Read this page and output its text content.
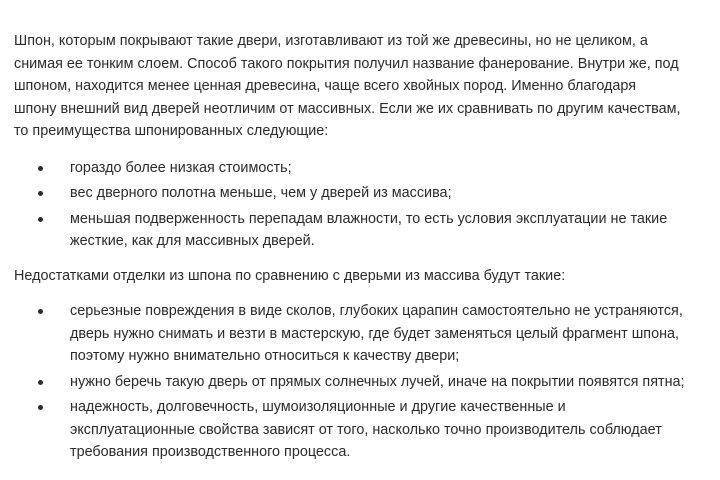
Шпон, которым покрывают такие двери, изготавливают из той же древесины, но не целиком, а
снимая ее тонким слоем. Способ такого покрытия получил название фанерование. Внутри же, под
шпоном, находится менее ценная древесина, чаще всего хвойных пород. Именно благодаря
шпону внешний вид дверей неотличим от массивных. Если же их сравнивать по другим качествам,
то преимущества шпонированных следующие:

гораздо более низкая стоимость;
вес дверного полотна меньше, чем у дверей из массива;
меньшая подверженность перепадам влажности, то есть условия эксплуатации не такие
жесткие, как для массивных дверей.

Недостатками отделки из шпона по сравнению с дверьми из массива будут такие:

серьезные повреждения в виде сколов, глубоких царапин самостоятельно не устраняются,
дверь нужно снимать и везти в мастерскую, где будет заменяться целый фрагмент шпона,
поэтому нужно внимательно относиться к качеству двери;
нужно беречь такую дверь от прямых солнечных лучей, иначе на покрытии появятся пятна;
надежность, долговечность, шумоизоляционные и другие качественные и
эксплуатационные свойства зависят от того, насколько точно производитель соблюдает
требования производственного процесса.
